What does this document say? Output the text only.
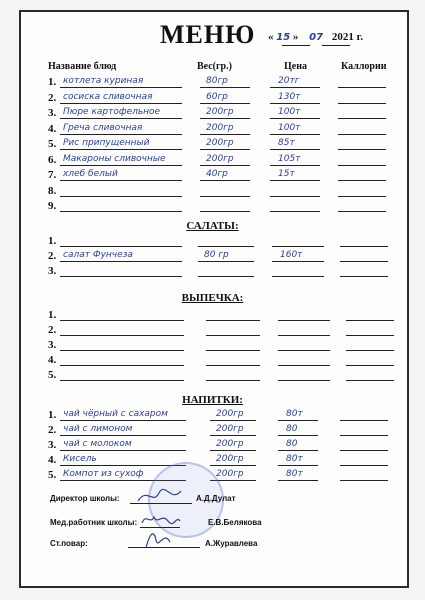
МЕНЮ « 15 » 07 2021 г.
Название блюд	Вес(гр.)	Цена	Каллории
1. котлета куриная	80гр	20тг
2. сосиска сливочная	60гр	130т
3. Пюре картофельное	200гр	100т
4. Греча сливочная	200гр	100т
5. Рис припущенный	200гр	85т
6. Макароны сливочные	200гр	105т
7. хлеб белый	40гр	15т
8.
9.
САЛАТЫ:
1.
2. салат Фунчеза	80 гр	160т
3.
ВЫПЕЧКА:
1.
2.
3.
4.
5.
НАПИТКИ:
1. чай чёрный с сахаром	200гр	80т
2. чай с лимоном	200гр	80
3. чай с молоком	200гр	80
4. Кисель	200гр	80т
5. Компот из сухоф	200гр	80т
Директор школы:	А.Д.Дулат
Мед.работник школы:	Е.В.Белякова
Ст.повар:	А.Журавлева
